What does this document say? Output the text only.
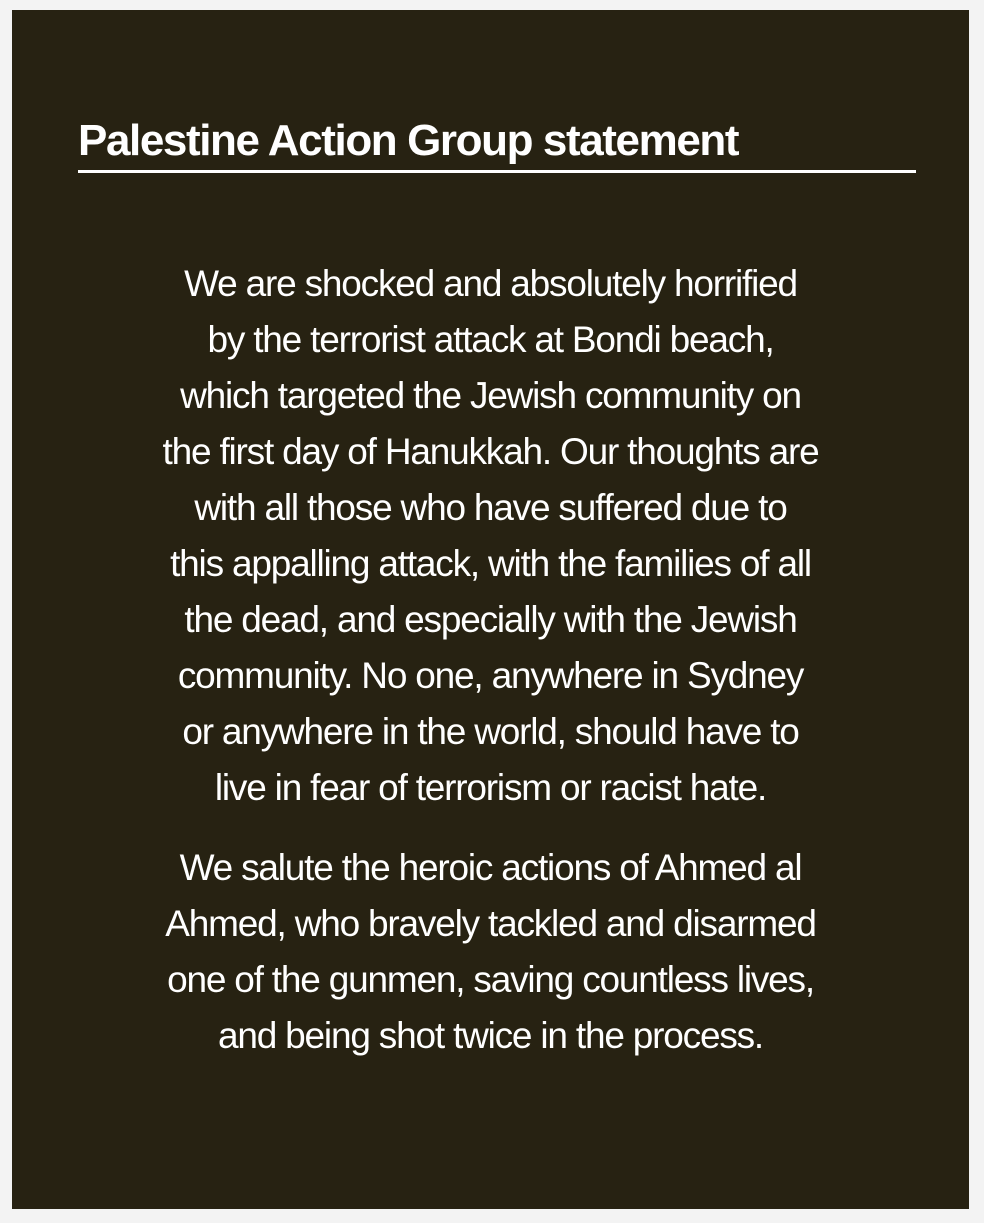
Palestine Action Group statement

We are shocked and absolutely horrified
by the terrorist attack at Bondi beach,
which targeted the Jewish community on
the first day of Hanukkah. Our thoughts are
with all those who have suffered due to
this appalling attack, with the families of all
the dead, and especially with the Jewish
community. No one, anywhere in Sydney
or anywhere in the world, should have to
live in fear of terrorism or racist hate.

We salute the heroic actions of Ahmed al
Ahmed, who bravely tackled and disarmed
one of the gunmen, saving countless lives,
and being shot twice in the process.
